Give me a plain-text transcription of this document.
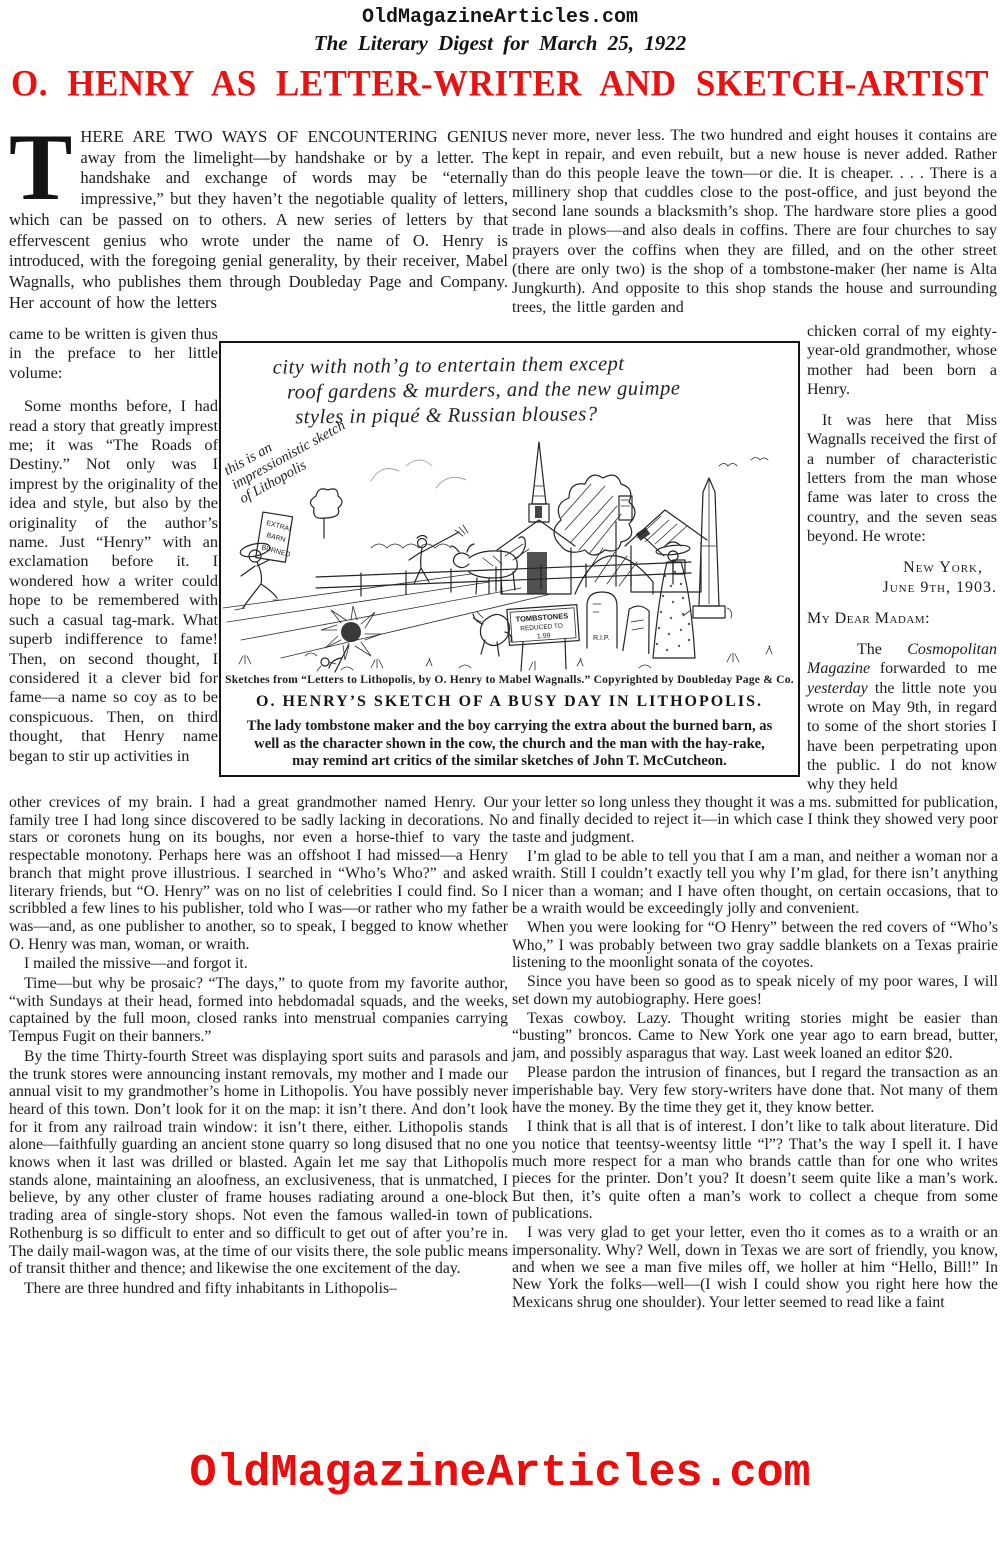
OldMagazineArticles.com
The Literary Digest for March 25, 1922
O. HENRY AS LETTER-WRITER AND SKETCH-ARTIST

THERE ARE TWO WAYS OF ENCOUNTERING GENIUS away from the limelight—by handshake or by a letter. The handshake and exchange of words may be “eternally impressive,” but they haven’t the negotiable quality of letters, which can be passed on to others. A new series of letters by that effervescent genius who wrote under the name of O. Henry is introduced, with the foregoing genial generality, by their receiver, Mabel Wagnalls, who publishes them through Doubleday Page and Company. Her account of how the letters

never more, never less. The two hundred and eight houses it contains are kept in repair, and even rebuilt, but a new house is never added. Rather than do this people leave the town—or die. It is cheaper. . . . There is a millinery shop that cuddles close to the post-office, and just beyond the second lane sounds a blacksmith’s shop. The hardware store plies a good trade in plows—and also deals in coffins. There are four churches to say prayers over the coffins when they are filled, and on the other street (there are only two) is the shop of a tombstone-maker (her name is Alta Jungkurth). And opposite to this shop stands the house and surrounding trees, the little garden and

came to be written is given thus in the preface to her little volume:

Some months before, I had read a story that greatly imprest me; it was “The Roads of Destiny.” Not only was I imprest by the originality of the idea and style, but also by the originality of the author’s name. Just “Henry” with an exclamation before it. I wondered how a writer could hope to be remembered with such a casual tag-mark. What superb indifference to fame! Then, on second thought, I considered it a clever bid for fame—a name so coy as to be conspicuous. Then, on third thought, that Henry name began to stir up activities in

chicken corral of my eighty-year-old grandmother, whose mother had been born a Henry.

It was here that Miss Wagnalls received the first of a number of characteristic letters from the man whose fame was later to cross the country, and the seven seas beyond. He wrote:

New York,
June 9th, 1903.

My Dear Madam:

The Cosmopolitan Magazine forwarded to me yesterday the little note you wrote on May 9th, in regard to some of the short stories I have been perpetrating upon the public. I do not know why they held

city with noth’g to entertain them except
roof gardens & murders, and the new guimpe
styles in piqué & Russian blouses?
this is an impressionistic sketch of Lithopolis
EXTRA!
BARN
BURNED
R.I.P.
TOMBSTONES
REDUCED TO
1.99
Sketches from “Letters to Lithopolis, by O. Henry to Mabel Wagnalls.” Copyrighted by Doubleday Page & Co.
O. HENRY’S SKETCH OF A BUSY DAY IN LITHOPOLIS.
The lady tombstone maker and the boy carrying the extra about the burned barn, as well as the character shown in the cow, the church and the man with the hay-rake, may remind art critics of the similar sketches of John T. McCutcheon.

other crevices of my brain. I had a great grandmother named Henry. Our family tree I had long since discovered to be sadly lacking in decorations. No stars or coronets hung on its boughs, nor even a horse-thief to vary the respectable monotony. Perhaps here was an offshoot I had missed—a Henry branch that might prove illustrious. I searched in “Who’s Who?” and asked literary friends, but “O. Henry” was on no list of celebrities I could find. So I scribbled a few lines to his publisher, told who I was—or rather who my father was—and, as one publisher to another, so to speak, I begged to know whether O. Henry was man, woman, or wraith.

I mailed the missive—and forgot it.

Time—but why be prosaic? “The days,” to quote from my favorite author, “with Sundays at their head, formed into hebdomadal squads, and the weeks, captained by the full moon, closed ranks into menstrual companies carrying Tempus Fugit on their banners.”

By the time Thirty-fourth Street was displaying sport suits and parasols and the trunk stores were announcing instant removals, my mother and I made our annual visit to my grandmother’s home in Lithopolis. You have possibly never heard of this town. Don’t look for it on the map: it isn’t there. And don’t look for it from any railroad train window: it isn’t there, either. Lithopolis stands alone—faithfully guarding an ancient stone quarry so long disused that no one knows when it last was drilled or blasted. Again let me say that Lithopolis stands alone, maintaining an aloofness, an exclusiveness, that is unmatched, I believe, by any other cluster of frame houses radiating around a one-block trading area of single-story shops. Not even the famous walled-in town of Rothenburg is so difficult to enter and so difficult to get out of after you’re in. The daily mail-wagon was, at the time of our visits there, the sole public means of transit thither and thence; and likewise the one excitement of the day.

There are three hundred and fifty inhabitants in Lithopolis–

your letter so long unless they thought it was a ms. submitted for publication, and finally decided to reject it—in which case I think they showed very poor taste and judgment.

I’m glad to be able to tell you that I am a man, and neither a woman nor a wraith. Still I couldn’t exactly tell you why I’m glad, for there isn’t anything nicer than a woman; and I have often thought, on certain occasions, that to be a wraith would be exceedingly jolly and convenient.

When you were looking for “O Henry” between the red covers of “Who’s Who,” I was probably between two gray saddle blankets on a Texas prairie listening to the moonlight sonata of the coyotes.

Since you have been so good as to speak nicely of my poor wares, I will set down my autobiography. Here goes!

Texas cowboy. Lazy. Thought writing stories might be easier than “busting” broncos. Came to New York one year ago to earn bread, butter, jam, and possibly asparagus that way. Last week loaned an editor $20.

Please pardon the intrusion of finances, but I regard the transaction as an imperishable bay. Very few story-writers have done that. Not many of them have the money. By the time they get it, they know better.

I think that is all that is of interest. I don’t like to talk about literature. Did you notice that teentsy-weentsy little “l”? That’s the way I spell it. I have much more respect for a man who brands cattle than for one who writes pieces for the printer. Don’t you? It doesn’t seem quite like a man’s work. But then, it’s quite often a man’s work to collect a cheque from some publications.

I was very glad to get your letter, even tho it comes as to a wraith or an impersonality. Why? Well, down in Texas we are sort of friendly, you know, and when we see a man five miles off, we holler at him “Hello, Bill!” In New York the folks—well—(I wish I could show you right here how the Mexicans shrug one shoulder). Your letter seemed to read like a faint

OldMagazineArticles.com
